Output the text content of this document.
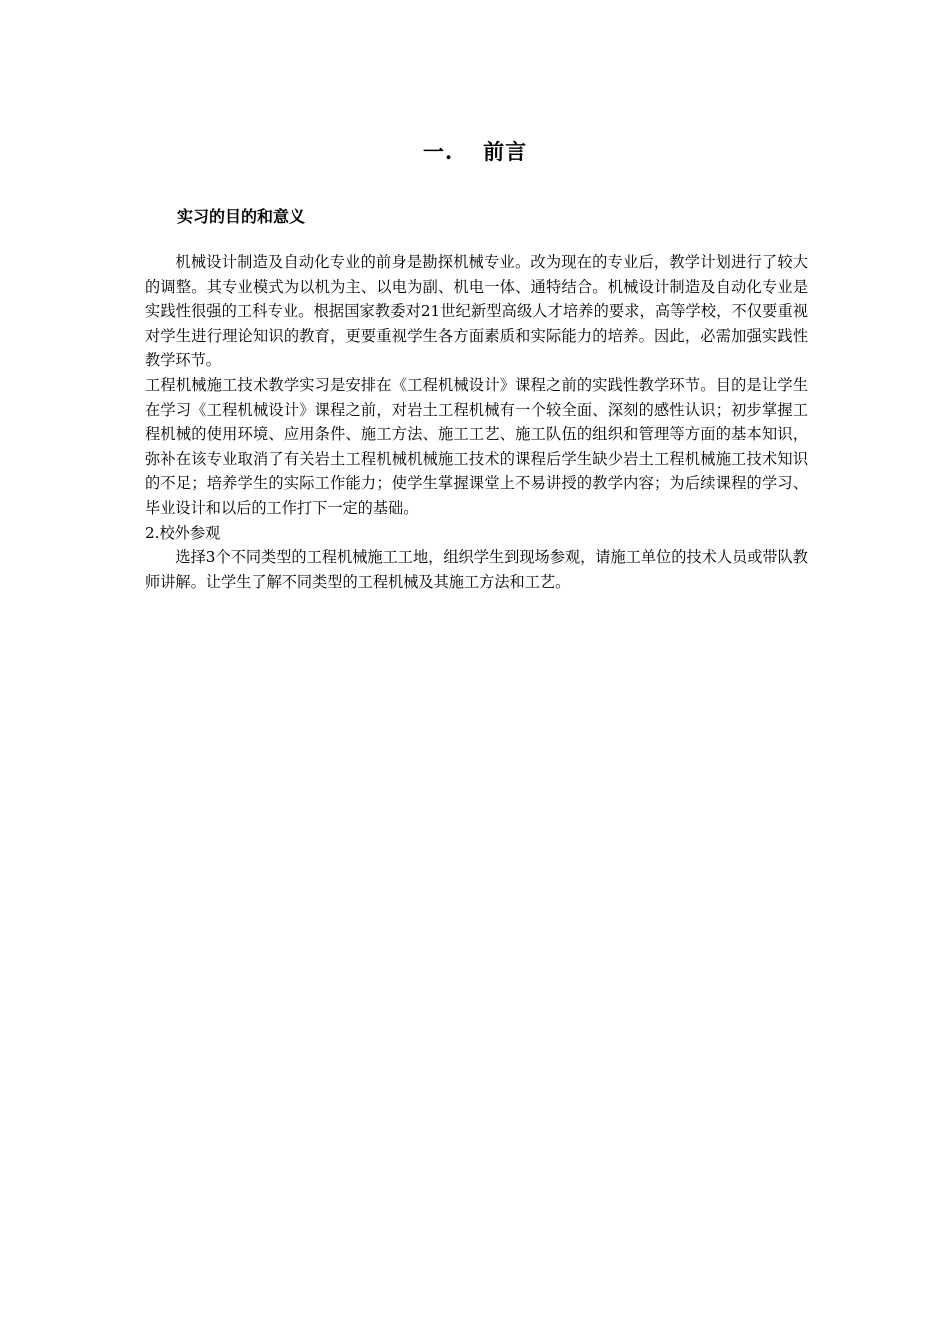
一. 前言
实习的目的和意义

机械设计制造及自动化专业的前身是勘探机械专业。改为现在的专业后，教学计划进行了较大的调整。其专业模式为以机为主、以电为副、机电一体、通特结合。机械设计制造及自动化专业是实践性很强的工科专业。根据国家教委对21世纪新型高级人才培养的要求，高等学校，不仅要重视对学生进行理论知识的教育，更要重视学生各方面素质和实际能力的培养。因此，必需加强实践性教学环节。

工程机械施工技术教学实习是安排在《工程机械设计》课程之前的实践性教学环节。目的是让学生在学习《工程机械设计》课程之前，对岩土工程机械有一个较全面、深刻的感性认识；初步掌握工程机械的使用环境、应用条件、施工方法、施工工艺、施工队伍的组织和管理等方面的基本知识，弥补在该专业取消了有关岩土工程机械机械施工技术的课程后学生缺少岩土工程机械施工技术知识的不足；培养学生的实际工作能力；使学生掌握课堂上不易讲授的教学内容；为后续课程的学习、毕业设计和以后的工作打下一定的基础。

2.校外参观

选择3个不同类型的工程机械施工工地，组织学生到现场参观，请施工单位的技术人员或带队教师讲解。让学生了解不同类型的工程机械及其施工方法和工艺。
